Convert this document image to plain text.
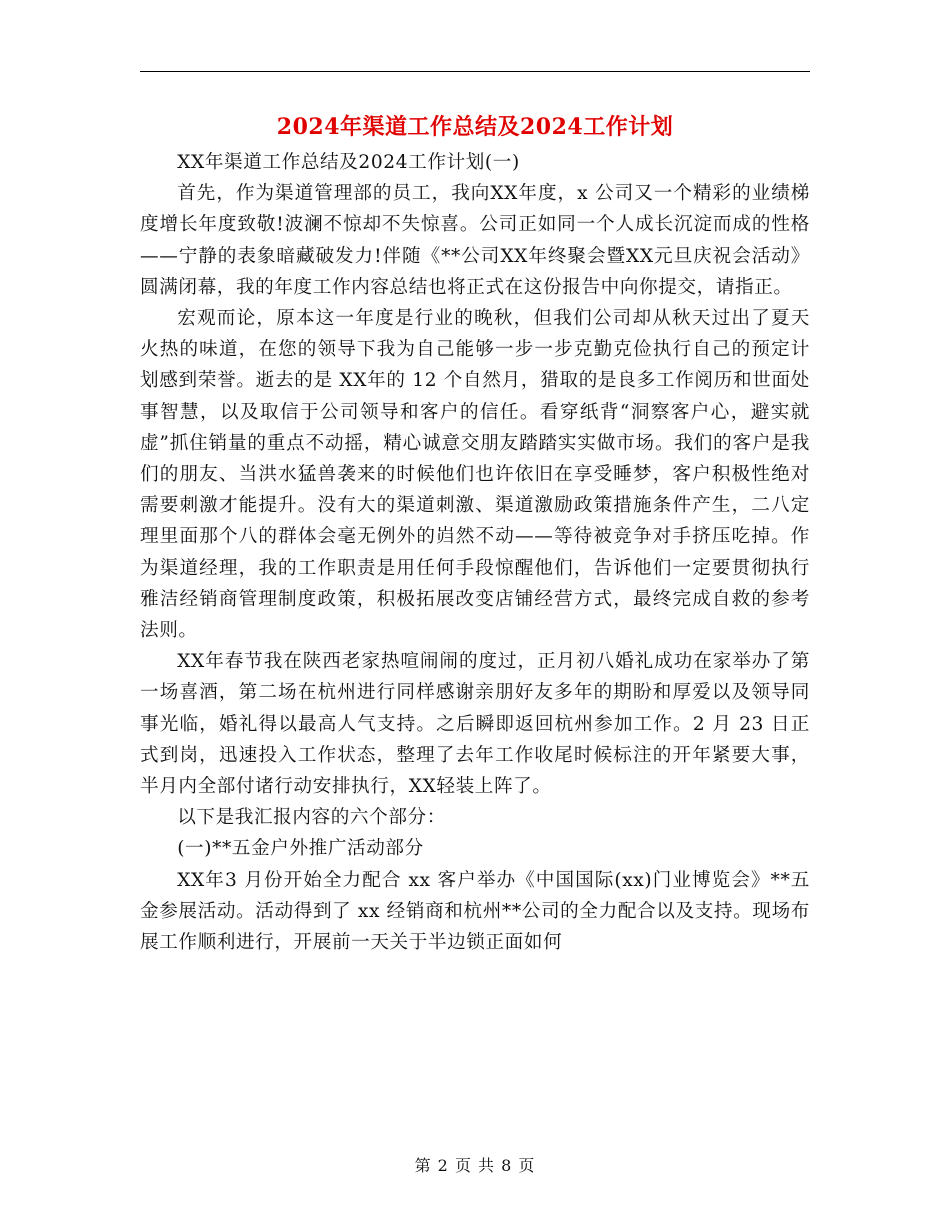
2024年渠道工作总结及2024工作计划

XX年渠道工作总结及2024工作计划(一)

首先，作为渠道管理部的员工，我向XX年度，x 公司又一个精彩的业绩梯度增长年度致敬!波澜不惊却不失惊喜。公司正如同一个人成长沉淀而成的性格——宁静的表象暗藏破发力!伴随《**公司XX年终聚会暨XX元旦庆祝会活动》圆满闭幕，我的年度工作内容总结也将正式在这份报告中向你提交，请指正。

宏观而论，原本这一年度是行业的晚秋，但我们公司却从秋天过出了夏天火热的味道，在您的领导下我为自己能够一步一步克勤克俭执行自己的预定计划感到荣誉。逝去的是 XX年的 12 个自然月，猎取的是良多工作阅历和世面处事智慧，以及取信于公司领导和客户的信任。看穿纸背“洞察客户心，避实就虚”抓住销量的重点不动摇，精心诚意交朋友踏踏实实做市场。我们的客户是我们的朋友、当洪水猛兽袭来的时候他们也许依旧在享受睡梦，客户积极性绝对需要刺激才能提升。没有大的渠道刺激、渠道激励政策措施条件产生，二八定理里面那个八的群体会毫无例外的岿然不动——等待被竞争对手挤压吃掉。作为渠道经理，我的工作职责是用任何手段惊醒他们，告诉他们一定要贯彻执行雅洁经销商管理制度政策，积极拓展改变店铺经营方式，最终完成自救的参考法则。

XX年春节我在陕西老家热喧闹闹的度过，正月初八婚礼成功在家举办了第一场喜酒，第二场在杭州进行同样感谢亲朋好友多年的期盼和厚爱以及领导同事光临，婚礼得以最高人气支持。之后瞬即返回杭州参加工作。2 月 23 日正式到岗，迅速投入工作状态，整理了去年工作收尾时候标注的开年紧要大事，半月内全部付诸行动安排执行，XX轻装上阵了。

以下是我汇报内容的六个部分：

(一)**五金户外推广活动部分

XX年3 月份开始全力配合 xx 客户举办《中国国际(xx)门业博览会》**五金参展活动。活动得到了 xx 经销商和杭州**公司的全力配合以及支持。现场布展工作顺利进行，开展前一天关于半边锁正面如何

第 2 页 共 8 页
